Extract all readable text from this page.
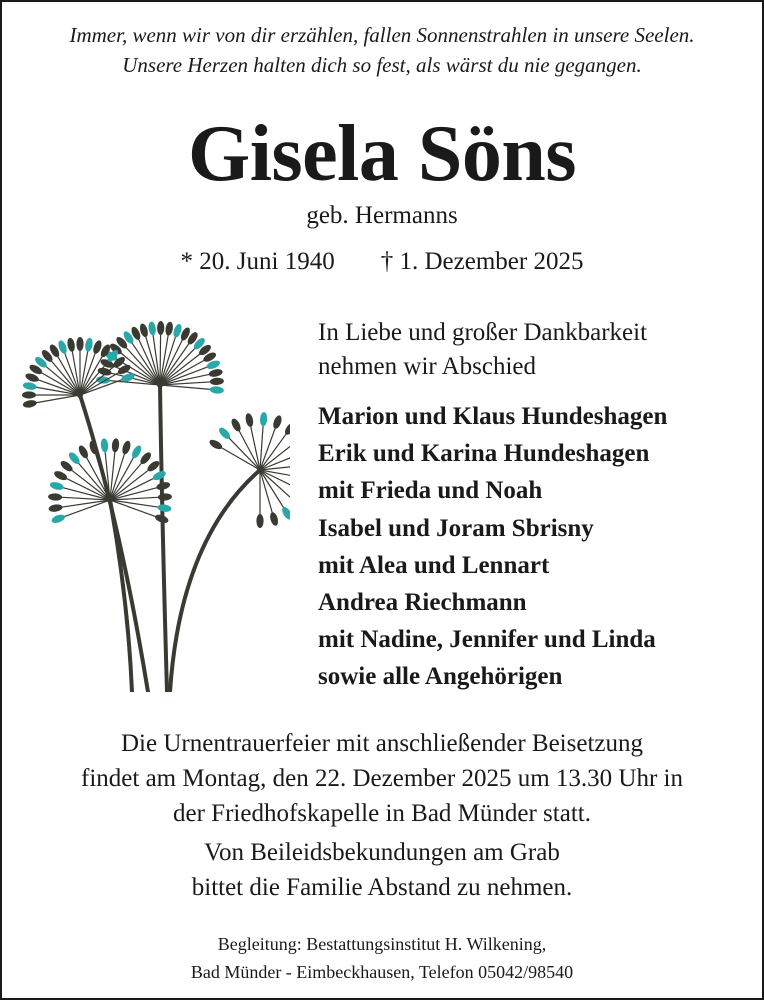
Immer, wenn wir von dir erzählen, fallen Sonnenstrahlen in unsere Seelen.
Unsere Herzen halten dich so fest, als wärst du nie gegangen.
Gisela Söns
geb. Hermanns
* 20. Juni 1940 † 1. Dezember 2025
In Liebe und großer Dankbarkeit
nehmen wir Abschied
Marion und Klaus Hundeshagen
Erik und Karina Hundeshagen
mit Frieda und Noah
Isabel und Joram Sbrisny
mit Alea und Lennart
Andrea Riechmann
mit Nadine, Jennifer und Linda
sowie alle Angehörigen
Die Urnentrauerfeier mit anschließender Beisetzung
findet am Montag, den 22. Dezember 2025 um 13.30 Uhr in
der Friedhofskapelle in Bad Münder statt.
Von Beileidsbekundungen am Grab
bittet die Familie Abstand zu nehmen.
Begleitung: Bestattungsinstitut H. Wilkening,
Bad Münder - Eimbeckhausen, Telefon 05042/98540
